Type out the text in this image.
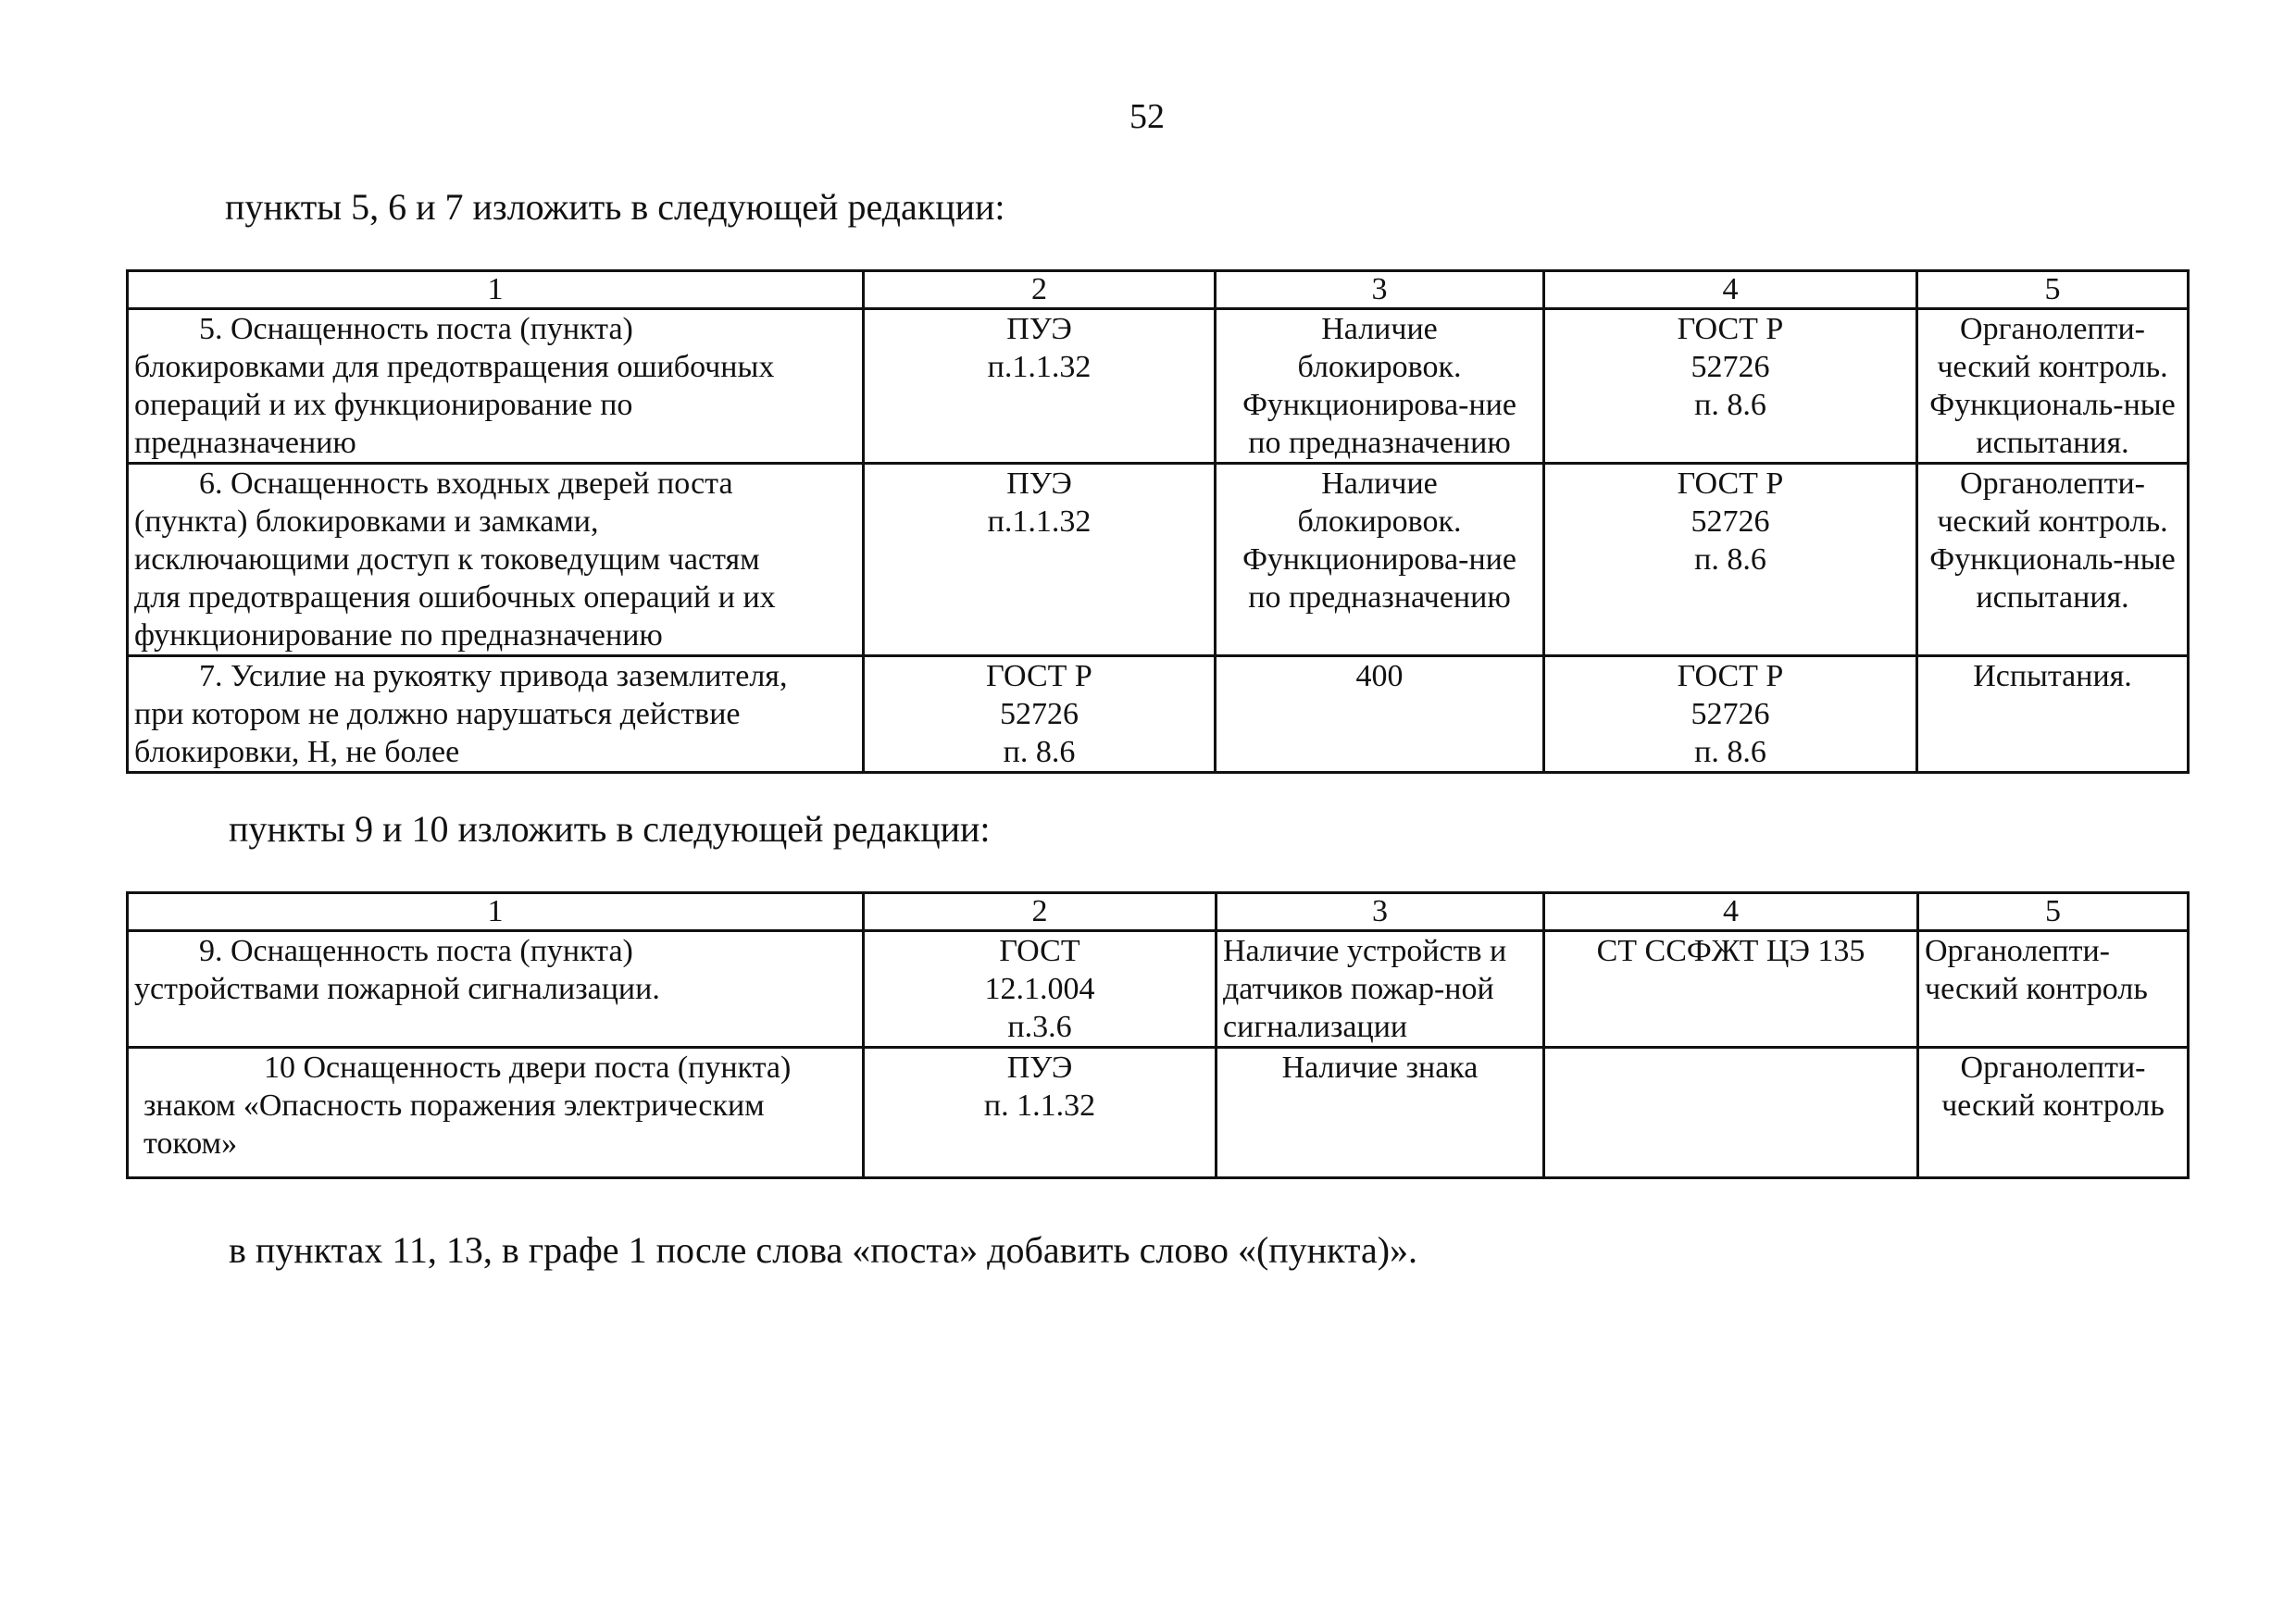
52
пункты 5, 6 и 7 изложить в следующей редакции:
1	2	3	4	5

5. Оснащенность поста (пункта)
блокировками для предотвращения ошибочных
операций и их функционирование по
предназначению	ПУЭ
п.1.1.32	Наличие
блокировок.
Функционирова-ние
по предназначению	ГОСТ Р
52726
п. 8.6	Органолепти-
ческий контроль.
Функциональ-ные
испытания.

6. Оснащенность входных дверей поста
(пункта) блокировками и замками,
исключающими доступ к токоведущим частям
для предотвращения ошибочных операций и их
функционирование по предназначению	ПУЭ
п.1.1.32	Наличие
блокировок.
Функционирова-ние
по предназначению	ГОСТ Р
52726
п. 8.6	Органолепти-
ческий контроль.
Функциональ-ные
испытания.

7. Усилие на рукоятку привода заземлителя,
при котором не должно нарушаться действие
блокировки, Н, не более	ГОСТ Р
52726
п. 8.6	400	ГОСТ Р
52726
п. 8.6	Испытания.
пункты 9 и 10 изложить в следующей редакции:
1	2	3	4	5

9. Оснащенность поста (пункта)
устройствами пожарной сигнализации.	ГОСТ
12.1.004
п.3.6	Наличие устройств и
датчиков пожар-ной
сигнализации	СТ ССФЖТ ЦЭ 135	Органолепти-
ческий контроль

10 Оснащенность двери поста (пункта)
знаком «Опасность поражения электрическим
током»	ПУЭ
п. 1.1.32	Наличие знака		Органолепти-
ческий контроль
в пунктах 11, 13, в графе 1 после слова «поста» добавить слово «(пункта)».
